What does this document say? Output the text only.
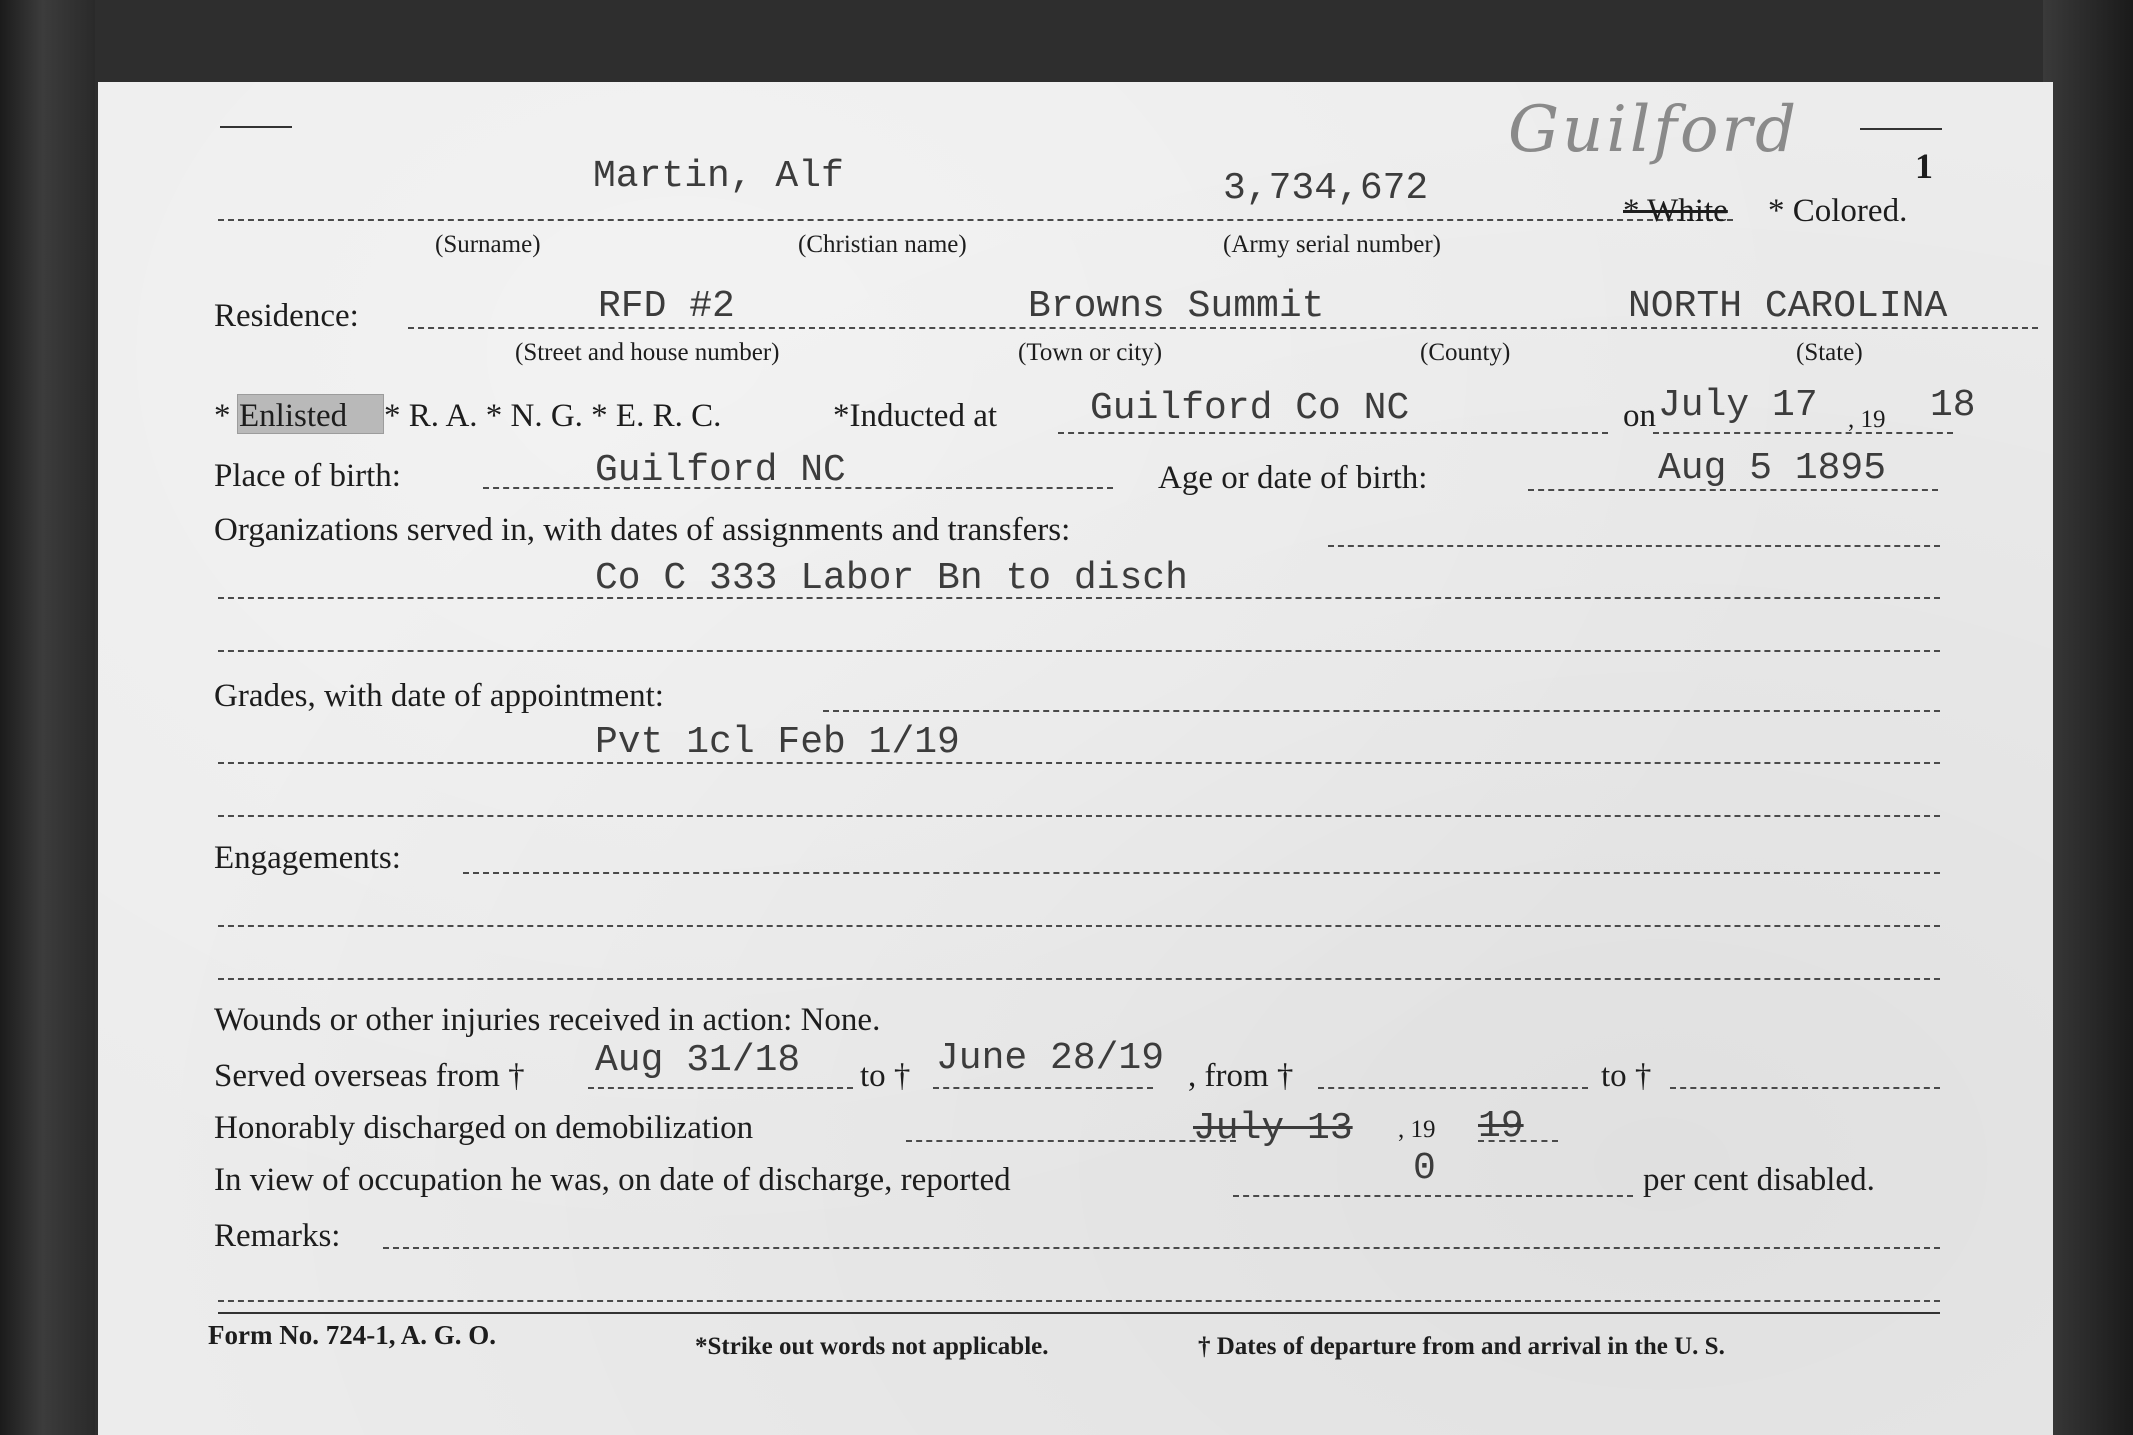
1
Guilford
Martin, Alf	3,734,672
* White * Colored.
(Surname)	(Christian name)	(Army serial number)
Residence:	RFD #2	Browns Summit	NORTH CAROLINA
(Street and house number)	(Town or city)	(County)	(State)
* Enlisted * R. A. * N. G. * E. R. C.	*Inducted at Guilford Co NC	on July 17 , 19 18
Place of birth:	Guilford NC	Age or date of birth:	Aug 5 1895
Organizations served in, with dates of assignments and transfers:
Co C 333 Labor Bn to disch
Grades, with date of appointment:
Pvt 1cl Feb 1/19
Engagements:
Wounds or other injuries received in action: None.
Served overseas from † Aug 31/18 to † June 28/19 , from †	to †
Honorably discharged on demobilization	July 13 , 19 19
In view of occupation he was, on date of discharge, reported	0	per cent disabled.
Remarks:
Form No. 724-1, A. G. O.	*Strike out words not applicable.	† Dates of departure from and arrival in the U. S.
